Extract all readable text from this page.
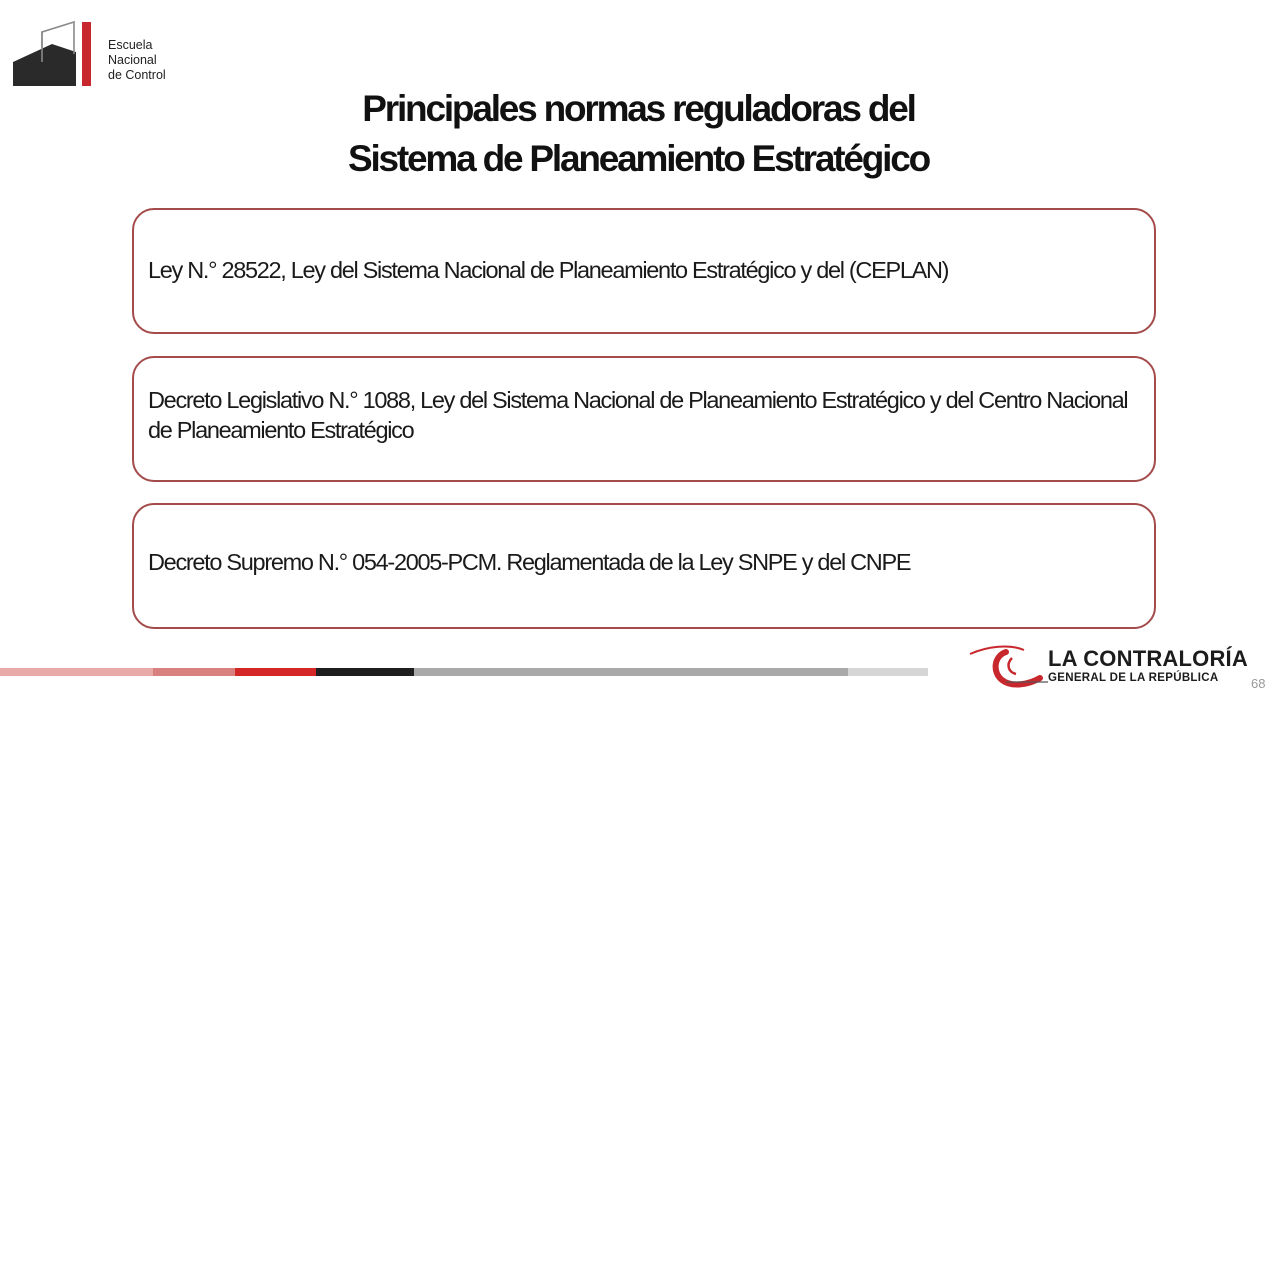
Escuela
Nacional
de Control
Principales normas reguladoras del
Sistema de Planeamiento Estratégico
Ley N.° 28522, Ley del Sistema Nacional de Planeamiento Estratégico y del (CEPLAN)
Decreto Legislativo N.° 1088, Ley del Sistema Nacional de Planeamiento Estratégico y del Centro Nacional de Planeamiento Estratégico
Decreto Supremo N.° 054-2005-PCM. Reglamentada de la Ley SNPE y del CNPE
LA CONTRALORÍA
GENERAL DE LA REPÚBLICA	68
